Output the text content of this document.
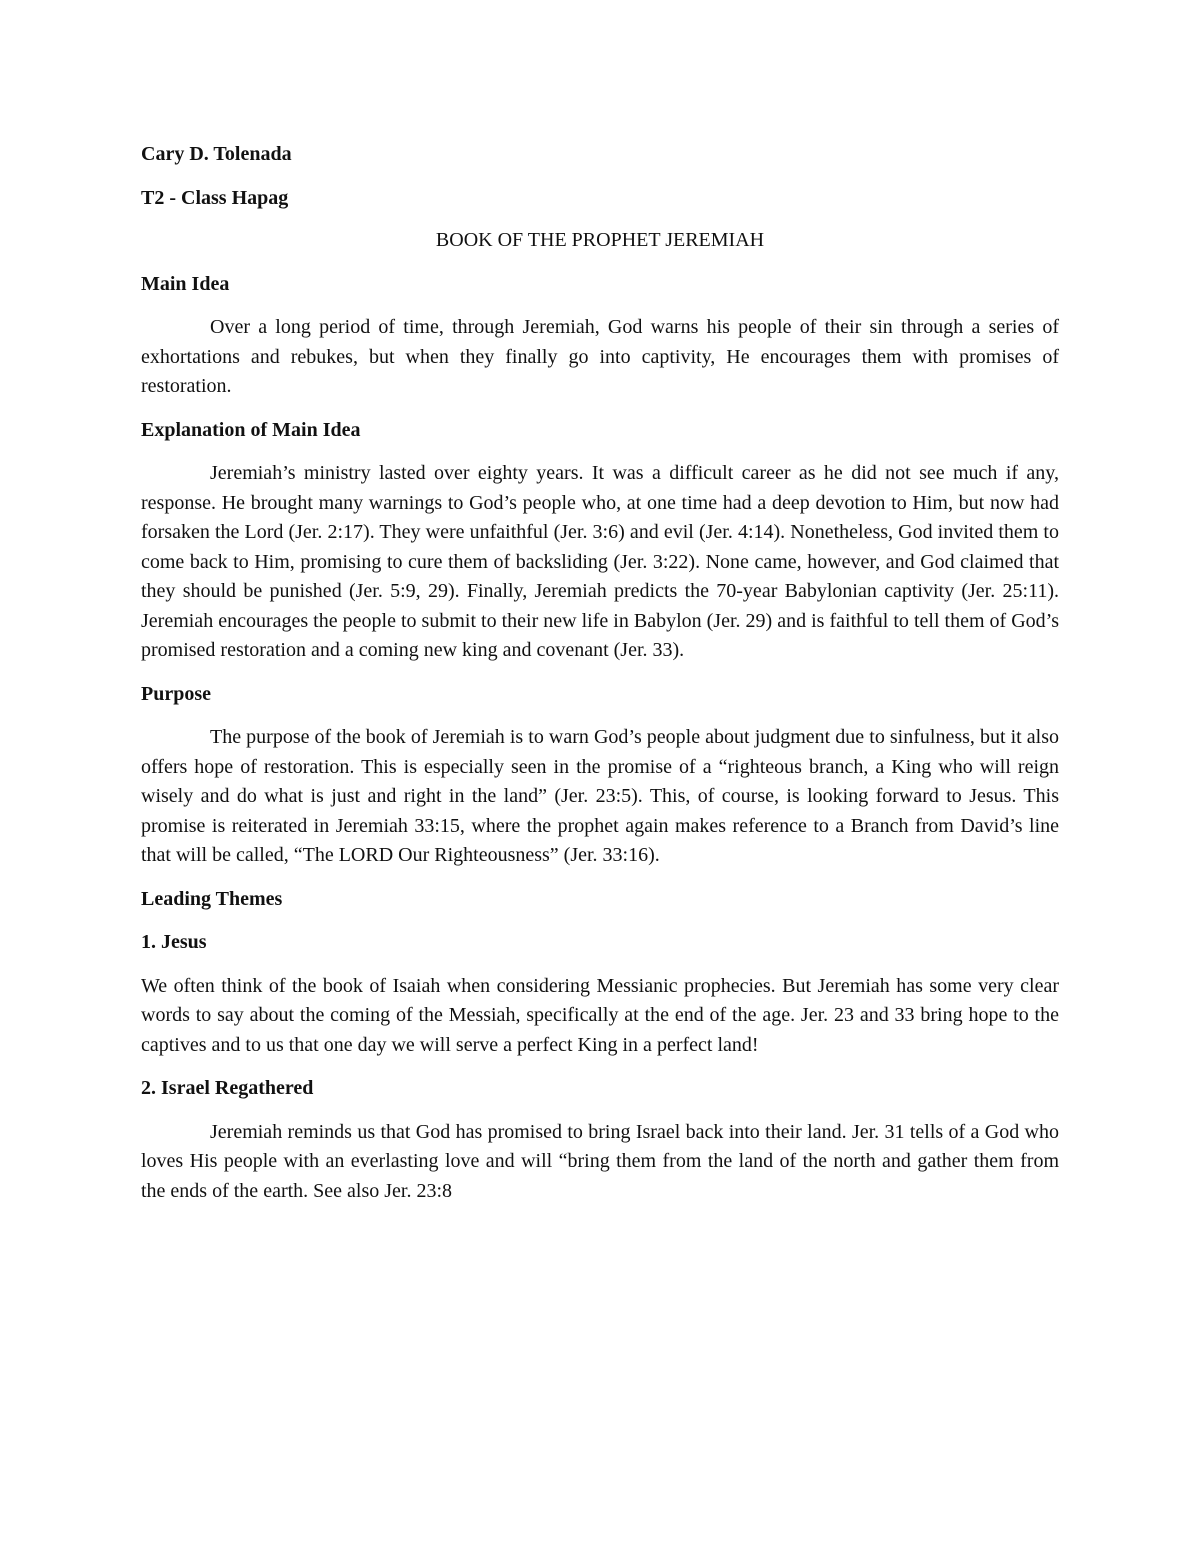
Cary D. Tolenada

T2 - Class Hapag

BOOK OF THE PROPHET JEREMIAH

Main Idea

Over a long period of time, through Jeremiah, God warns his people of their sin through a series of exhortations and rebukes, but when they finally go into captivity, He encourages them with promises of restoration.

Explanation of Main Idea

Jeremiah’s ministry lasted over eighty years. It was a difficult career as he did not see much if any, response. He brought many warnings to God’s people who, at one time had a deep devotion to Him, but now had forsaken the Lord (Jer. 2:17). They were unfaithful (Jer. 3:6) and evil (Jer. 4:14). Nonetheless, God invited them to come back to Him, promising to cure them of backsliding (Jer. 3:22). None came, however, and God claimed that they should be punished (Jer. 5:9, 29). Finally, Jeremiah predicts the 70-year Babylonian captivity (Jer. 25:11). Jeremiah encourages the people to submit to their new life in Babylon (Jer. 29) and is faithful to tell them of God’s promised restoration and a coming new king and covenant (Jer. 33).

Purpose

The purpose of the book of Jeremiah is to warn God’s people about judgment due to sinfulness, but it also offers hope of restoration. This is especially seen in the promise of a “righteous branch, a King who will reign wisely and do what is just and right in the land” (Jer. 23:5). This, of course, is looking forward to Jesus. This promise is reiterated in Jeremiah 33:15, where the prophet again makes reference to a Branch from David’s line that will be called, “The LORD Our Righteousness” (Jer. 33:16).

Leading Themes

1. Jesus

We often think of the book of Isaiah when considering Messianic prophecies. But Jeremiah has some very clear words to say about the coming of the Messiah, specifically at the end of the age. Jer. 23 and 33 bring hope to the captives and to us that one day we will serve a perfect King in a perfect land!

2. Israel Regathered

Jeremiah reminds us that God has promised to bring Israel back into their land. Jer. 31 tells of a God who loves His people with an everlasting love and will “bring them from the land of the north and gather them from the ends of the earth. See also Jer. 23:8
